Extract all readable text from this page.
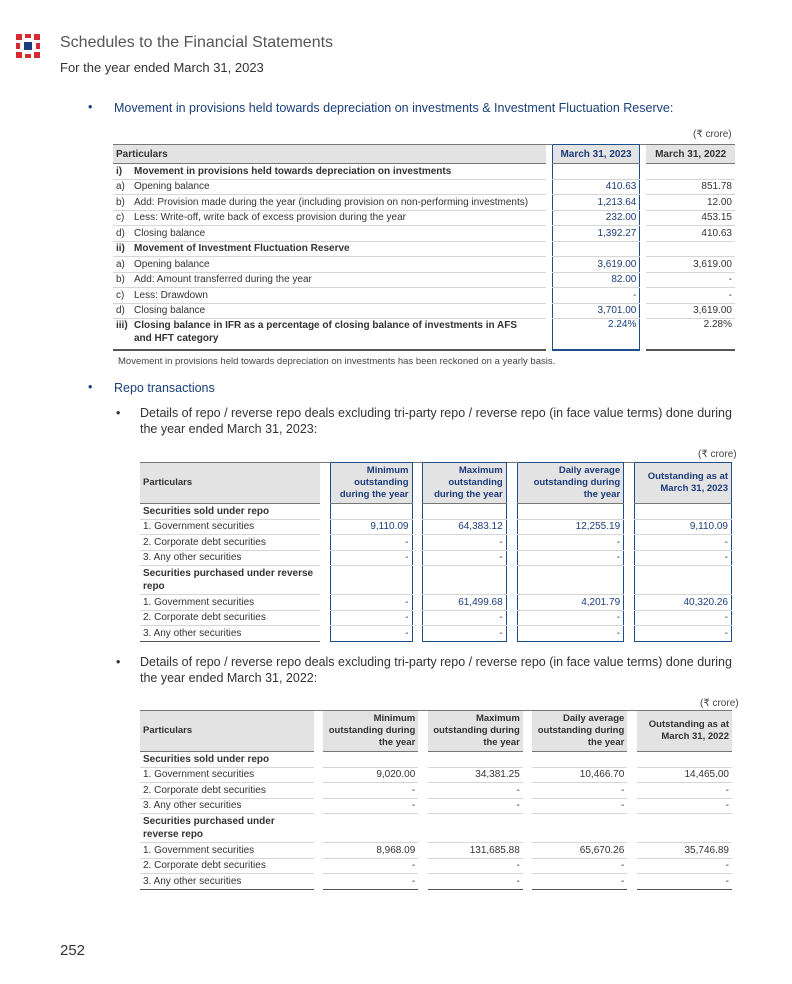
Schedules to the Financial Statements
For the year ended March 31, 2023
• Movement in provisions held towards depreciation on investments & Investment Fluctuation Reserve:
(₹ crore)
Particulars		March 31, 2023		March 31, 2022
i) Movement in provisions held towards depreciation on investments				
a) Opening balance		410.63		851.78
b) Add: Provision made during the year (including provision on non-performing investments)		1,213.64		12.00
c) Less: Write-off, write back of excess provision during the year		232.00		453.15
d) Closing balance		1,392.27		410.63
ii) Movement of Investment Fluctuation Reserve				
a) Opening balance		3,619.00		3,619.00
b) Add: Amount transferred during the year		82.00		-
c) Less: Drawdown		-		-
d) Closing balance		3,701.00		3,619.00
iii) Closing balance in IFR as a percentage of closing balance of investments in AFS and HFT category		2.24%		2.28%
Movement in provisions held towards depreciation on investments has been reckoned on a yearly basis.
• Repo transactions
• Details of repo / reverse repo deals excluding tri-party repo / reverse repo (in face value terms) done during the year ended March 31, 2023:
(₹ crore)
Particulars		Minimum outstanding during the year		Maximum outstanding during the year		Daily average outstanding during the year		Outstanding as at March 31, 2023
Securities sold under repo								
1. Government securities		9,110.09		64,383.12		12,255.19		9,110.09
2. Corporate debt securities		-		-		-		-
3. Any other securities		-		-		-		-
Securities purchased under reverse repo								
1. Government securities		-		61,499.68		4,201.79		40,320.26
2. Corporate debt securities		-		-		-		-
3. Any other securities		-		-		-		-
• Details of repo / reverse repo deals excluding tri-party repo / reverse repo (in face value terms) done during the year ended March 31, 2022:
(₹ crore)
Particulars		Minimum outstanding during the year		Maximum outstanding during the year		Daily average outstanding during the year		Outstanding as at March 31, 2022
Securities sold under repo								
1. Government securities		9,020.00		34,381.25		10,466.70		14,465.00
2. Corporate debt securities		-		-		-		-
3. Any other securities		-		-		-		-
Securities purchased under reverse repo								
1. Government securities		8,968.09		131,685.88		65,670.26		35,746.89
2. Corporate debt securities		-		-		-		-
3. Any other securities		-		-		-		-
252
